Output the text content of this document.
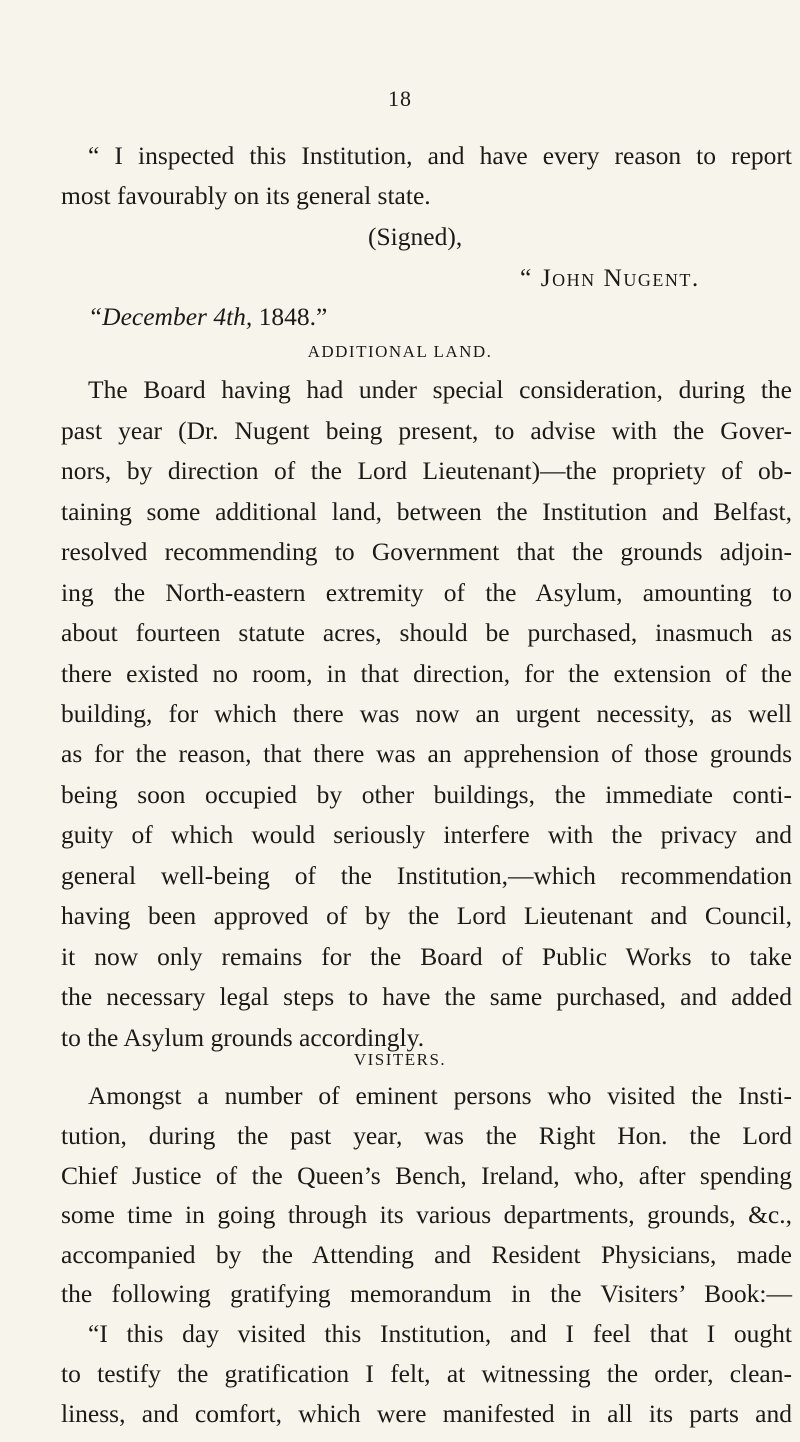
18
“ I inspected this Institution, and have every reason to report
most favourably on its general state.
(Signed),
“ John Nugent.
“December 4th, 1848.”
ADDITIONAL LAND.
The Board having had under special consideration, during the
past year (Dr. Nugent being present, to advise with the Gover-
nors, by direction of the Lord Lieutenant)—the propriety of ob-
taining some additional land, between the Institution and Belfast,
resolved recommending to Government that the grounds adjoin-
ing the North-eastern extremity of the Asylum, amounting to
about fourteen statute acres, should be purchased, inasmuch as
there existed no room, in that direction, for the extension of the
building, for which there was now an urgent necessity, as well
as for the reason, that there was an apprehension of those grounds
being soon occupied by other buildings, the immediate conti-
guity of which would seriously interfere with the privacy and
general well-being of the Institution,—which recommendation
having been approved of by the Lord Lieutenant and Council,
it now only remains for the Board of Public Works to take
the necessary legal steps to have the same purchased, and added
to the Asylum grounds accordingly.
VISITERS.
Amongst a number of eminent persons who visited the Insti-
tution, during the past year, was the Right Hon. the Lord
Chief Justice of the Queen’s Bench, Ireland, who, after spending
some time in going through its various departments, grounds, &c.,
accompanied by the Attending and Resident Physicians, made
the following gratifying memorandum in the Visiters’ Book:—
“I this day visited this Institution, and I feel that I ought
to testify the gratification I felt, at witnessing the order, clean-
liness, and comfort, which were manifested in all its parts and
